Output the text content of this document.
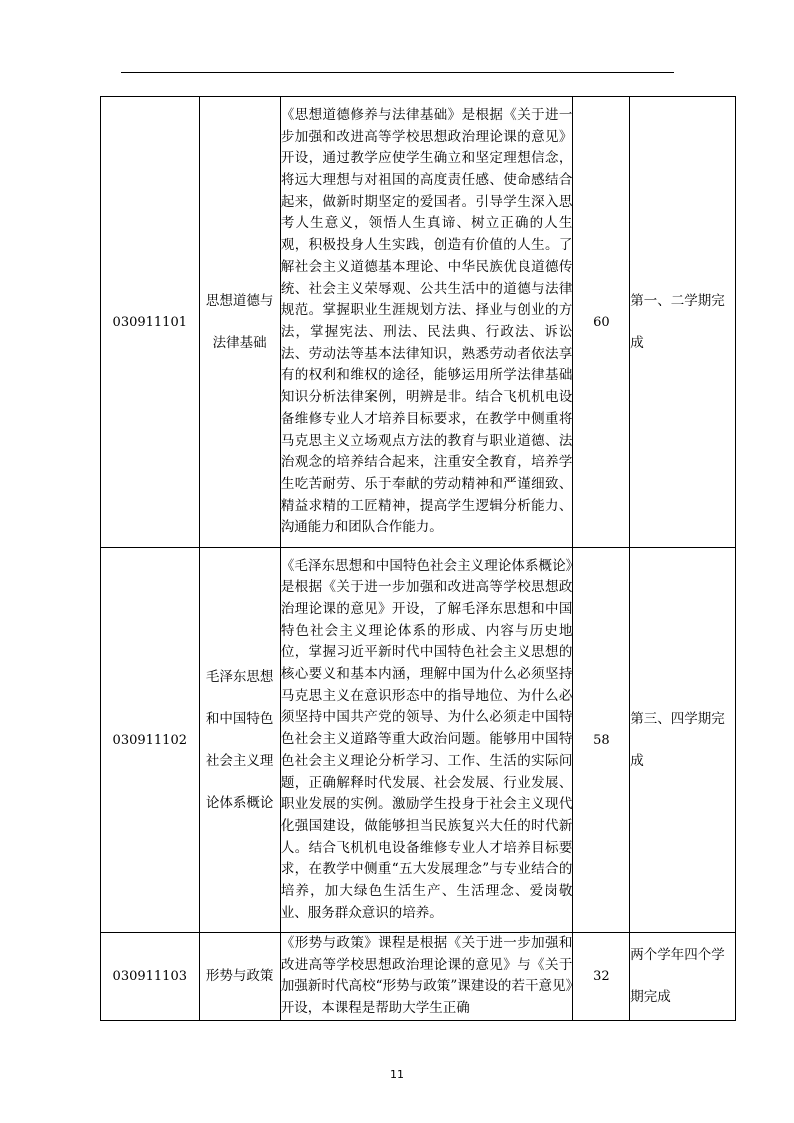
030911101	思想道德与法律基础	《思想道德修养与法律基础》是根据《关于进一步加强和改进高等学校思想政治理论课的意见》开设，通过教学应使学生确立和坚定理想信念，将远大理想与对祖国的高度责任感、使命感结合起来，做新时期坚定的爱国者。引导学生深入思考人生意义，领悟人生真谛、树立正确的人生观，积极投身人生实践，创造有价值的人生。了解社会主义道德基本理论、中华民族优良道德传统、社会主义荣辱观、公共生活中的道德与法律规范。掌握职业生涯规划方法、择业与创业的方法，掌握宪法、刑法、民法典、行政法、诉讼法、劳动法等基本法律知识，熟悉劳动者依法享有的权利和维权的途径，能够运用所学法律基础知识分析法律案例，明辨是非。结合飞机机电设备维修专业人才培养目标要求，在教学中侧重将马克思主义立场观点方法的教育与职业道德、法治观念的培养结合起来，注重安全教育，培养学生吃苦耐劳、乐于奉献的劳动精神和严谨细致、精益求精的工匠精神，提高学生逻辑分析能力、沟通能力和团队合作能力。	60	第一、二学期完成
030911102	毛泽东思想和中国特色社会主义理论体系概论	《毛泽东思想和中国特色社会主义理论体系概论》是根据《关于进一步加强和改进高等学校思想政治理论课的意见》开设，了解毛泽东思想和中国特色社会主义理论体系的形成、内容与历史地位，掌握习近平新时代中国特色社会主义思想的核心要义和基本内涵，理解中国为什么必须坚持马克思主义在意识形态中的指导地位、为什么必须坚持中国共产党的领导、为什么必须走中国特色社会主义道路等重大政治问题。能够用中国特色社会主义理论分析学习、工作、生活的实际问题，正确解释时代发展、社会发展、行业发展、职业发展的实例。激励学生投身于社会主义现代化强国建设，做能够担当民族复兴大任的时代新人。结合飞机机电设备维修专业人才培养目标要求，在教学中侧重“五大发展理念”与专业结合的培养，加大绿色生活生产、生活理念、爱岗敬业、服务群众意识的培养。	58	第三、四学期完成
030911103	形势与政策	《形势与政策》课程是根据《关于进一步加强和改进高等学校思想政治理论课的意见》与《关于加强新时代高校“形势与政策”课建设的若干意见》开设，本课程是帮助大学生正确	32	两个学年四个学期完成
11
